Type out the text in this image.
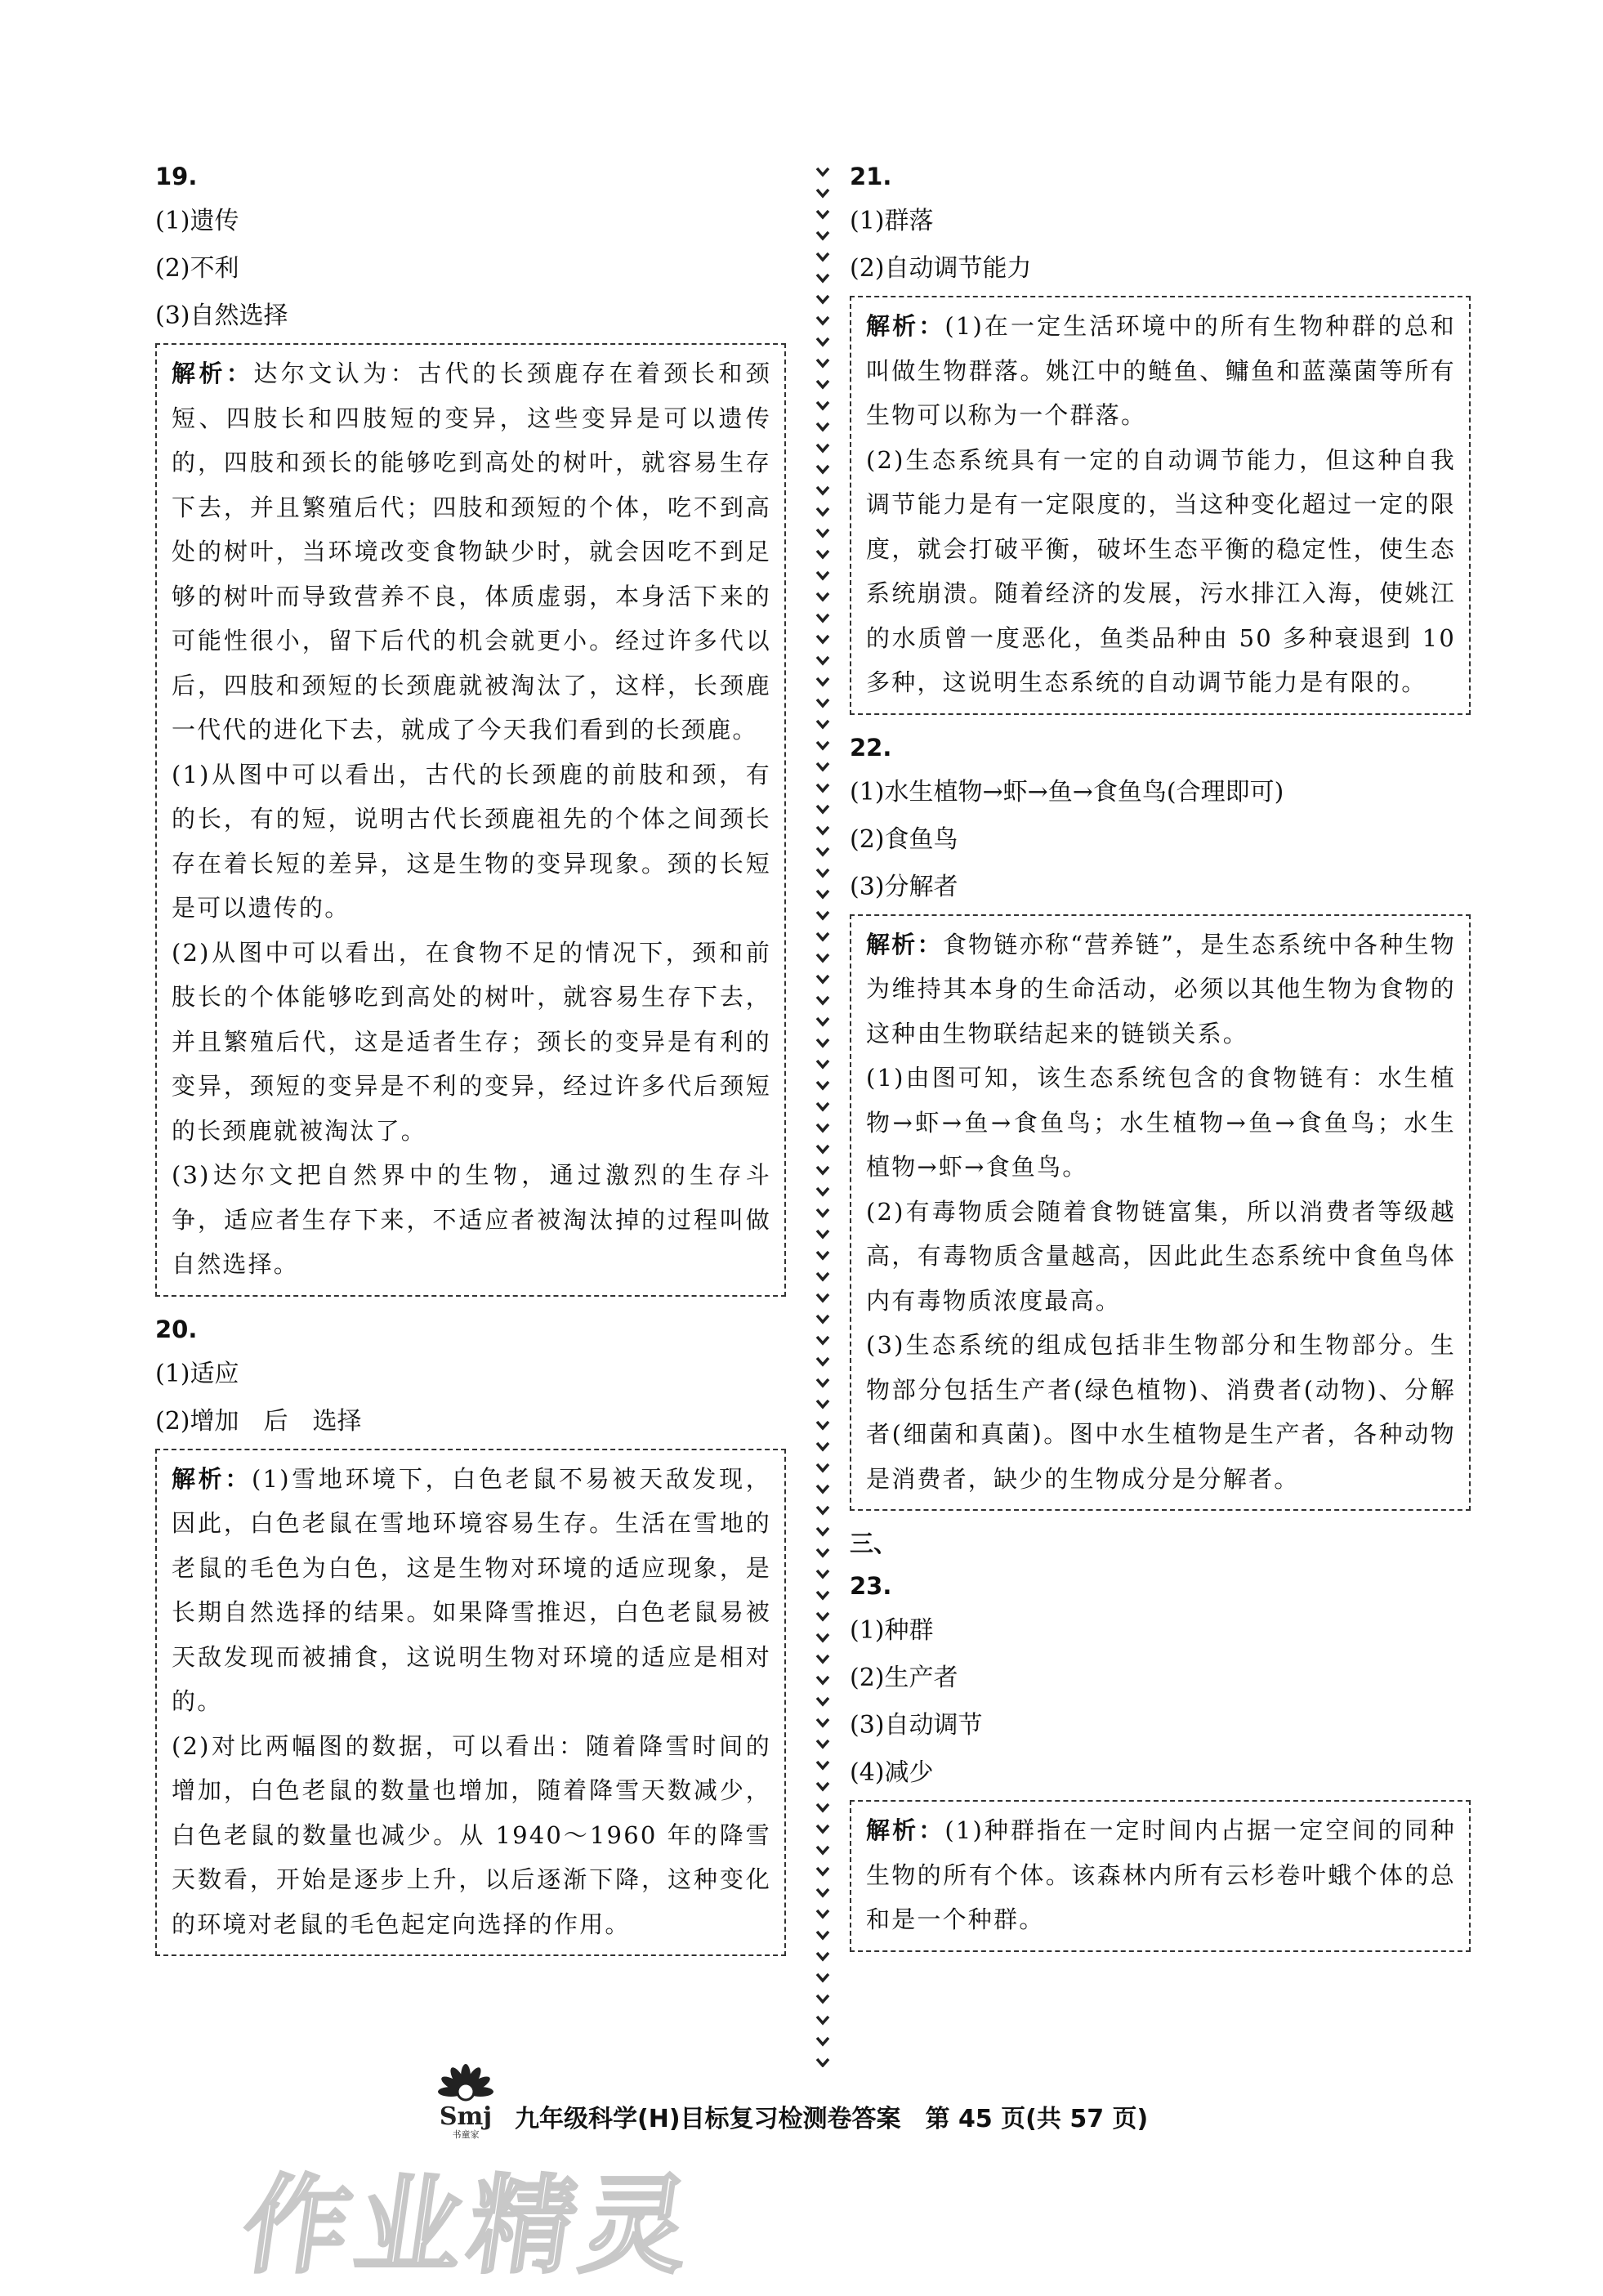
19.
(1)遗传
(2)不利
(3)自然选择

解析：达尔文认为：古代的长颈鹿存在着颈长和颈短、四肢长和四肢短的变异，这些变异是可以遗传的，四肢和颈长的能够吃到高处的树叶，就容易生存下去，并且繁殖后代；四肢和颈短的个体，吃不到高处的树叶，当环境改变食物缺少时，就会因吃不到足够的树叶而导致营养不良，体质虚弱，本身活下来的可能性很小，留下后代的机会就更小。经过许多代以后，四肢和颈短的长颈鹿就被淘汰了，这样，长颈鹿一代代的进化下去，就成了今天我们看到的长颈鹿。

(1)从图中可以看出，古代的长颈鹿的前肢和颈，有的长，有的短，说明古代长颈鹿祖先的个体之间颈长存在着长短的差异，这是生物的变异现象。颈的长短是可以遗传的。

(2)从图中可以看出，在食物不足的情况下，颈和前肢长的个体能够吃到高处的树叶，就容易生存下去，并且繁殖后代，这是适者生存；颈长的变异是有利的变异，颈短的变异是不利的变异，经过许多代后颈短的长颈鹿就被淘汰了。

(3)达尔文把自然界中的生物，通过激烈的生存斗争，适应者生存下来，不适应者被淘汰掉的过程叫做自然选择。

20.
(1)适应
(2)增加　后　选择

解析：(1)雪地环境下，白色老鼠不易被天敌发现，因此，白色老鼠在雪地环境容易生存。生活在雪地的老鼠的毛色为白色，这是生物对环境的适应现象，是长期自然选择的结果。如果降雪推迟，白色老鼠易被天敌发现而被捕食，这说明生物对环境的适应是相对的。

(2)对比两幅图的数据，可以看出：随着降雪时间的增加，白色老鼠的数量也增加，随着降雪天数减少，白色老鼠的数量也减少。从 1940～1960 年的降雪天数看，开始是逐步上升，以后逐渐下降，这种变化的环境对老鼠的毛色起定向选择的作用。

21.
(1)群落
(2)自动调节能力

解析：(1)在一定生活环境中的所有生物种群的总和叫做生物群落。姚江中的鲢鱼、鳙鱼和蓝藻菌等所有生物可以称为一个群落。

(2)生态系统具有一定的自动调节能力，但这种自我调节能力是有一定限度的，当这种变化超过一定的限度，就会打破平衡，破坏生态平衡的稳定性，使生态系统崩溃。随着经济的发展，污水排江入海，使姚江的水质曾一度恶化，鱼类品种由 50 多种衰退到 10 多种，这说明生态系统的自动调节能力是有限的。

22.
(1)水生植物→虾→鱼→食鱼鸟(合理即可)
(2)食鱼鸟
(3)分解者

解析：食物链亦称“营养链”，是生态系统中各种生物为维持其本身的生命活动，必须以其他生物为食物的这种由生物联结起来的链锁关系。

(1)由图可知，该生态系统包含的食物链有：水生植物→虾→鱼→食鱼鸟；水生植物→鱼→食鱼鸟；水生植物→虾→食鱼鸟。

(2)有毒物质会随着食物链富集，所以消费者等级越高，有毒物质含量越高，因此此生态系统中食鱼鸟体内有毒物质浓度最高。

(3)生态系统的组成包括非生物部分和生物部分。生物部分包括生产者(绿色植物)、消费者(动物)、分解者(细菌和真菌)。图中水生植物是生产者，各种动物是消费者，缺少的生物成分是分解者。

三、
23.
(1)种群
(2)生产者
(3)自动调节
(4)减少

解析：(1)种群指在一定时间内占据一定空间的同种生物的所有个体。该森林内所有云杉卷叶蛾个体的总和是一个种群。

Smj
书童家
九年级科学(H)目标复习检测卷答案　第 45 页(共 57 页)
作业精灵
